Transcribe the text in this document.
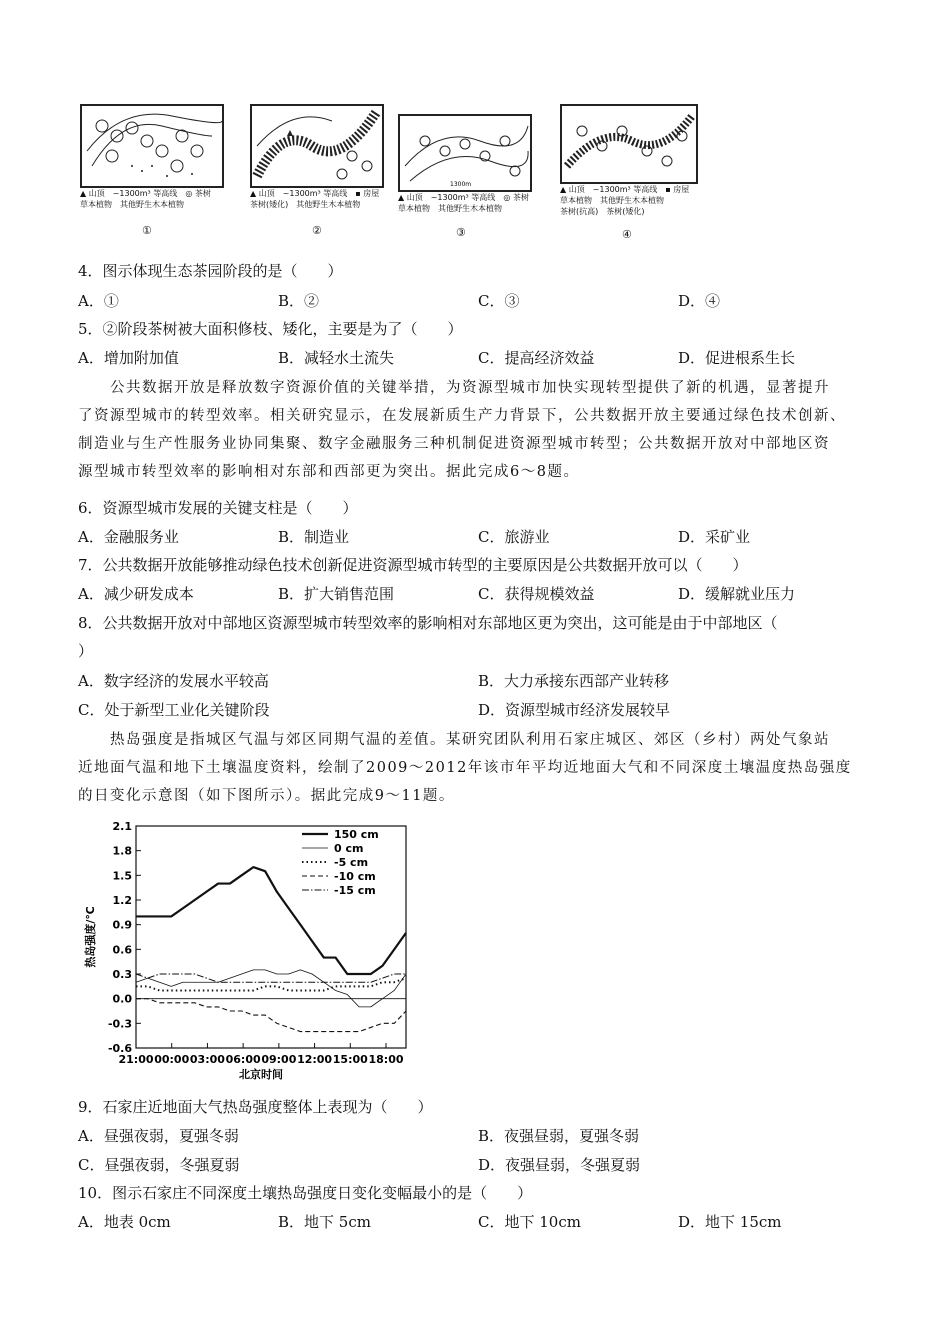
▲ 山顶　 ~1300m³ 等高线　 ◎ 茶树
草本植物　 其他野生木本植物
①
▲ 山顶　 ~1300m³ 等高线　 ▪ 房屋
茶树(矮化)　 其他野生木本植物
②
1300m
▲ 山顶　 ~1300m³ 等高线　 ◎ 茶树
草本植物　 其他野生木本植物
③
▲ 山顶　 ~1300m³ 等高线　 ▪ 房屋
草本植物　 其他野生木本植物
茶树(抗高)　 茶树(矮化)
④
4．图示体现生态茶园阶段的是（　　）
A．①	B．②	C．③	D．④
5．②阶段茶树被大面积修枝、矮化，主要是为了（　　）
A．增加附加值	B．减轻水土流失	C．提高经济效益	D．促进根系生长

　　公共数据开放是释放数字资源价值的关键举措，为资源型城市加快实现转型提供了新的机遇，显著提升

了资源型城市的转型效率。相关研究显示，在发展新质生产力背景下，公共数据开放主要通过绿色技术创新、

制造业与生产性服务业协同集聚、数字金融服务三种机制促进资源型城市转型；公共数据开放对中部地区资

源型城市转型效率的影响相对东部和西部更为突出。据此完成6～8题。

6．资源型城市发展的关键支柱是（　　）
A．金融服务业	B．制造业	C．旅游业	D．采矿业
7．公共数据开放能够推动绿色技术创新促进资源型城市转型的主要原因是公共数据开放可以（　　）
A．减少研发成本	B．扩大销售范围	C．获得规模效益	D．缓解就业压力
8．公共数据开放对中部地区资源型城市转型效率的影响相对东部地区更为突出，这可能是由于中部地区（
）
A．数字经济的发展水平较高	B．大力承接东西部产业转移
C．处于新型工业化关键阶段	D．资源型城市经济发展较早

　　热岛强度是指城区气温与郊区同期气温的差值。某研究团队利用石家庄城区、郊区（乡村）两处气象站

近地面气温和地下土壤温度资料，绘制了2009～2012年该市年平均近地面大气和不同深度土壤温度热岛强度

的日变化示意图（如下图所示）。据此完成9～11题。

2.1
1.8
1.5
1.2
0.9
0.6
0.3
0.0
-0.3
-0.6
21:00 00:00 03:00 06:00 09:00 12:00 15:00 18:00
北京时间
热岛强度/℃
150 cm
0 cm
-5 cm
-10 cm
-15 cm
9．石家庄近地面大气热岛强度整体上表现为（　　）
A．昼强夜弱，夏强冬弱	B．夜强昼弱，夏强冬弱
C．昼强夜弱，冬强夏弱	D．夜强昼弱，冬强夏弱
10．图示石家庄不同深度土壤热岛强度日变化变幅最小的是（　　）
A．地表 0cm	B．地下 5cm	C．地下 10cm	D．地下 15cm
